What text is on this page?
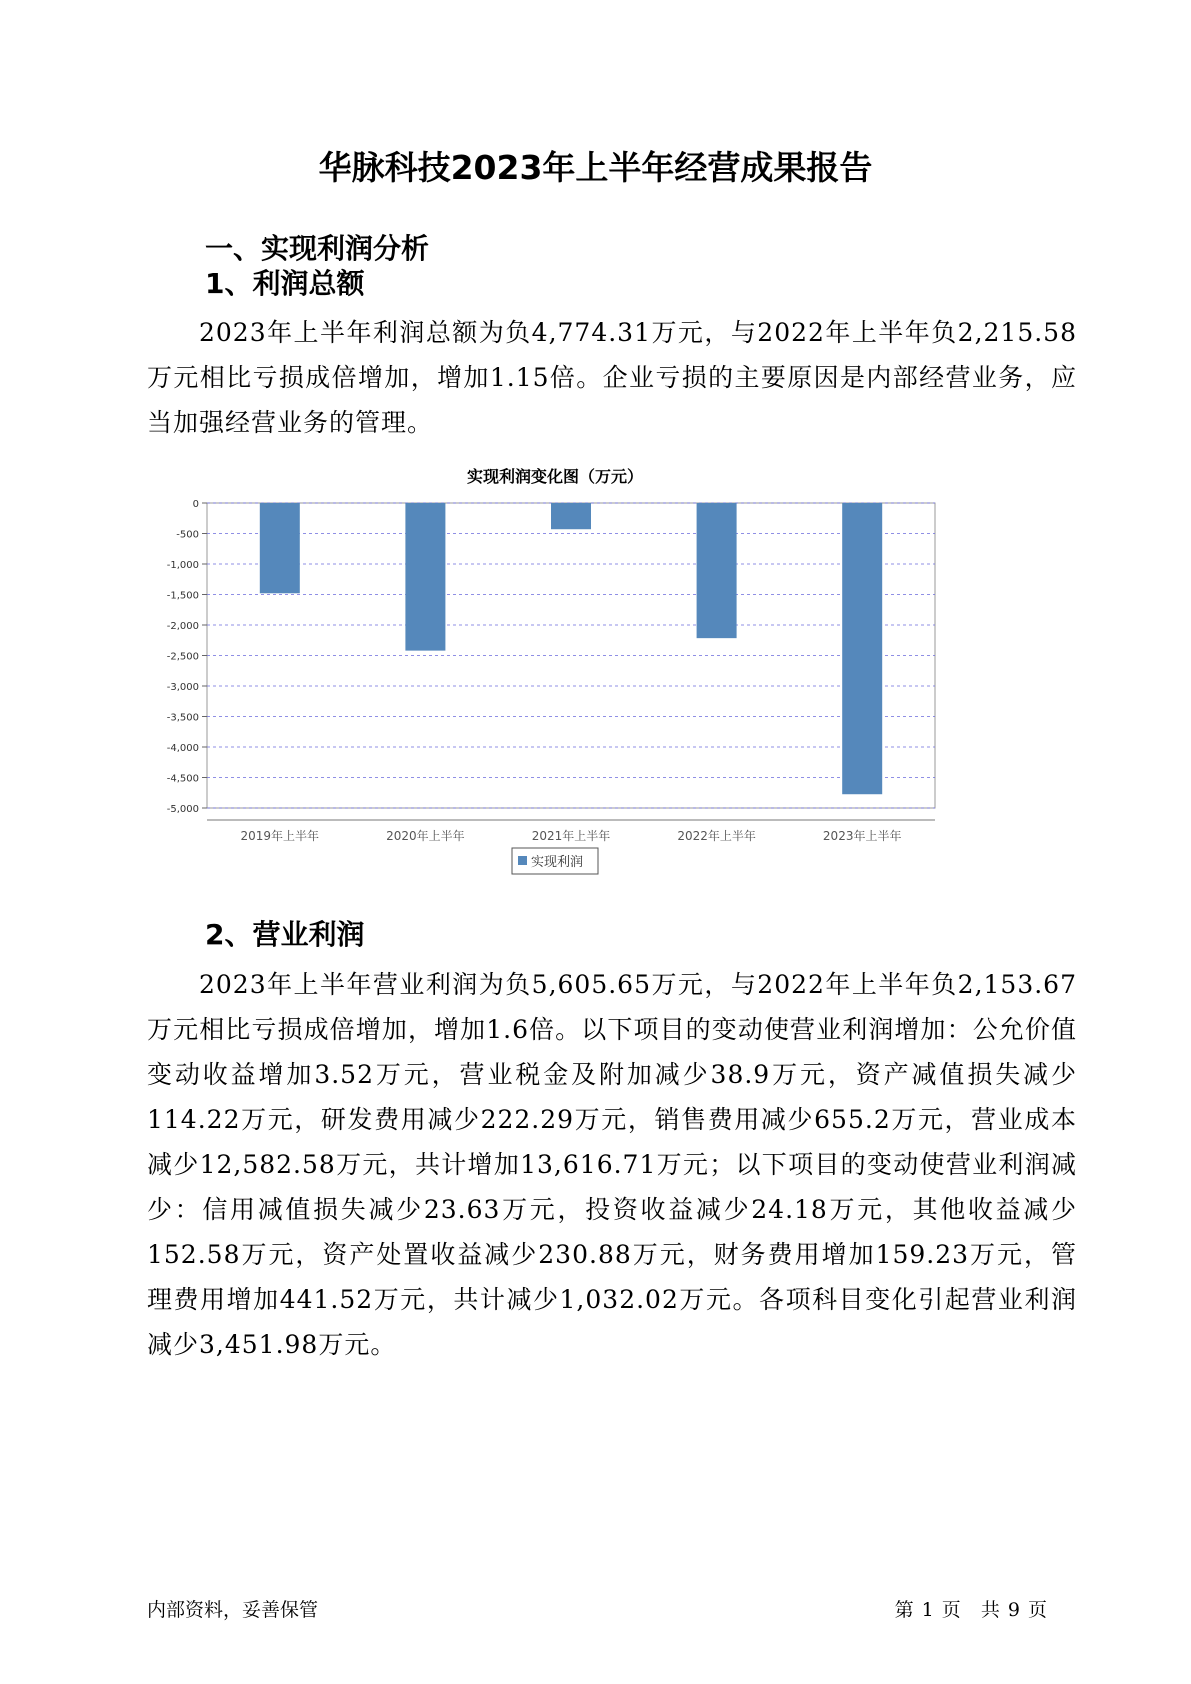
华脉科技2023年上半年经营成果报告
一、实现利润分析
1、利润总额
2023年上半年利润总额为负4,774.31万元，与2022年上半年负2,215.58万元相比亏损成倍增加，增加1.15倍。企业亏损的主要原因是内部经营业务，应当加强经营业务的管理。
实现利润变化图（万元）
0
-500
-1,000
-1,500
-2,000
-2,500
-3,000
-3,500
-4,000
-4,500
-5,000
2019年上半年	2020年上半年	2021年上半年	2022年上半年	2023年上半年
实现利润
2、营业利润
2023年上半年营业利润为负5,605.65万元，与2022年上半年负2,153.67万元相比亏损成倍增加，增加1.6倍。以下项目的变动使营业利润增加：公允价值变动收益增加3.52万元，营业税金及附加减少38.9万元，资产减值损失减少114.22万元，研发费用减少222.29万元，销售费用减少655.2万元，营业成本减少12,582.58万元，共计增加13,616.71万元；以下项目的变动使营业利润减少：信用减值损失减少23.63万元，投资收益减少24.18万元，其他收益减少152.58万元，资产处置收益减少230.88万元，财务费用增加159.23万元，管理费用增加441.52万元，共计减少1,032.02万元。各项科目变化引起营业利润减少3,451.98万元。
内部资料，妥善保管	第 1 页 共 9 页
